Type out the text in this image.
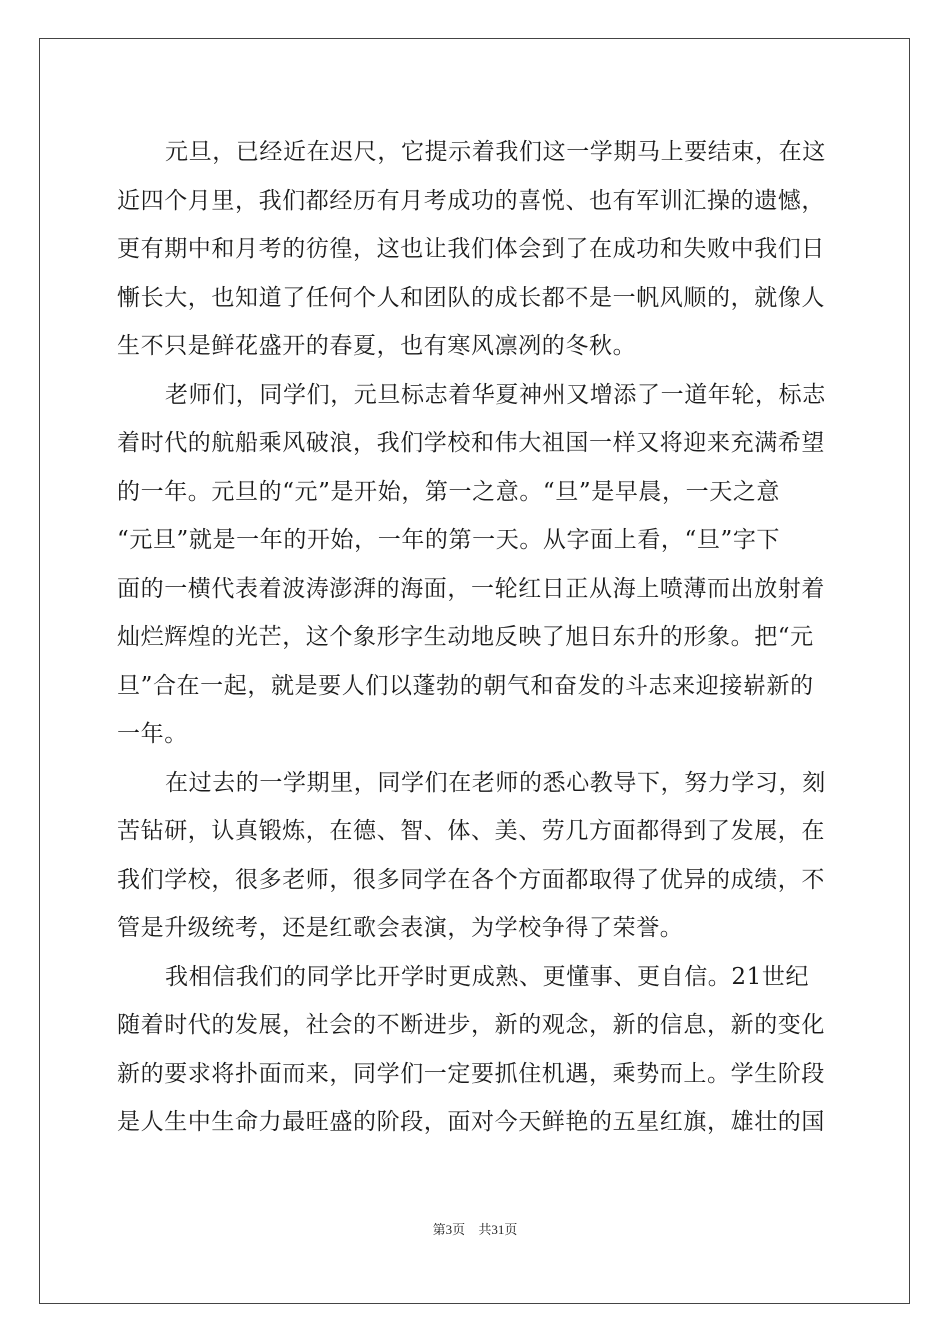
元旦，已经近在迟尺，它提示着我们这一学期马上要结束，在这
近四个月里，我们都经历有月考成功的喜悦、也有军训汇操的遗憾，
更有期中和月考的彷徨，这也让我们体会到了在成功和失败中我们日
慚长大，也知道了任何个人和团队的成长都不是一帆风顺的，就像人
生不只是鲜花盛开的春夏，也有寒风凛冽的冬秋。
老师们，同学们，元旦标志着华夏神州又增添了一道年轮，标志
着时代的航船乘风破浪，我们学校和伟大祖国一样又将迎来充满希望
的一年。元旦的“元”是开始，第一之意。“旦”是早晨，一天之意
“元旦”就是一年的开始，一年的第一天。从字面上看，“旦”字下
面的一横代表着波涛澎湃的海面，一轮红日正从海上喷薄而出放射着
灿烂辉煌的光芒，这个象形字生动地反映了旭日东升的形象。把“元
旦”合在一起，就是要人们以蓬勃的朝气和奋发的斗志来迎接崭新的
一年。
在过去的一学期里，同学们在老师的悉心教导下，努力学习，刻
苦钻研，认真锻炼，在德、智、体、美、劳几方面都得到了发展，在
我们学校，很多老师，很多同学在各个方面都取得了优异的成绩，不
管是升级统考，还是红歌会表演，为学校争得了荣誉。
我相信我们的同学比开学时更成熟、更懂事、更自信。21世纪
随着时代的发展，社会的不断进步，新的观念，新的信息，新的变化
新的要求将扑面而来，同学们一定要抓住机遇，乘势而上。学生阶段
是人生中生命力最旺盛的阶段，面对今天鲜艳的五星红旗，雄壮的国
第3页 共31页
